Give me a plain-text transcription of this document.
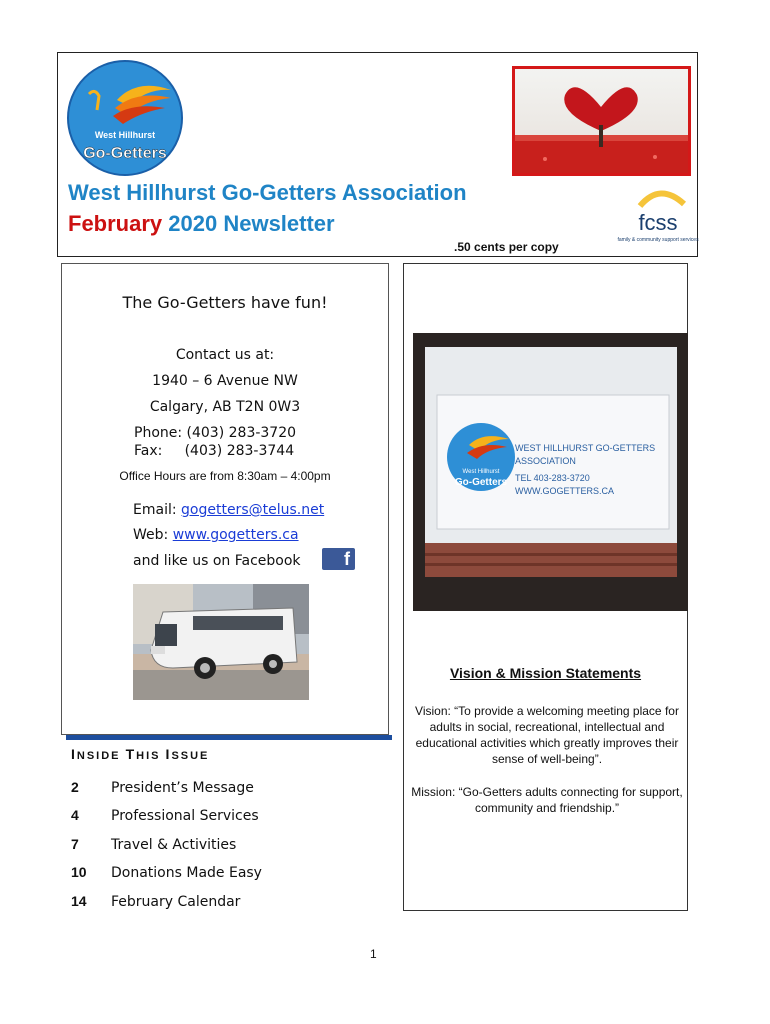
West Hillhurst
Go-Getters
West Hillhurst Go-Getters Association
February 2020 Newsletter
.50 cents per copy
fcss
family & community support services
The Go-Getters have fun!
Contact us at:
1940 – 6 Avenue NW
Calgary, AB T2N 0W3
Phone: (403) 283-3720
Fax:     (403) 283-3744
Office Hours are from 8:30am – 4:00pm
Email: gogetters@telus.net
Web: www.gogetters.ca
and like us on Facebook	f
West Hillhurst
Go-Getters
WEST HILLHURST GO-GETTERS
ASSOCIATION
TEL 403-283-3720
WWW.GOGETTERS.CA
Vision & Mission Statements
Vision: “To provide a welcoming meeting place for adults in social, recreational, intellectual and educational activities which greatly improves their sense of well-being”.
Mission: “Go-Getters adults connecting for support, community and friendship.”
INSIDE THIS ISSUE
2 President’s Message
4 Professional Services
7 Travel & Activities
10 Donations Made Easy
14 February Calendar
1
